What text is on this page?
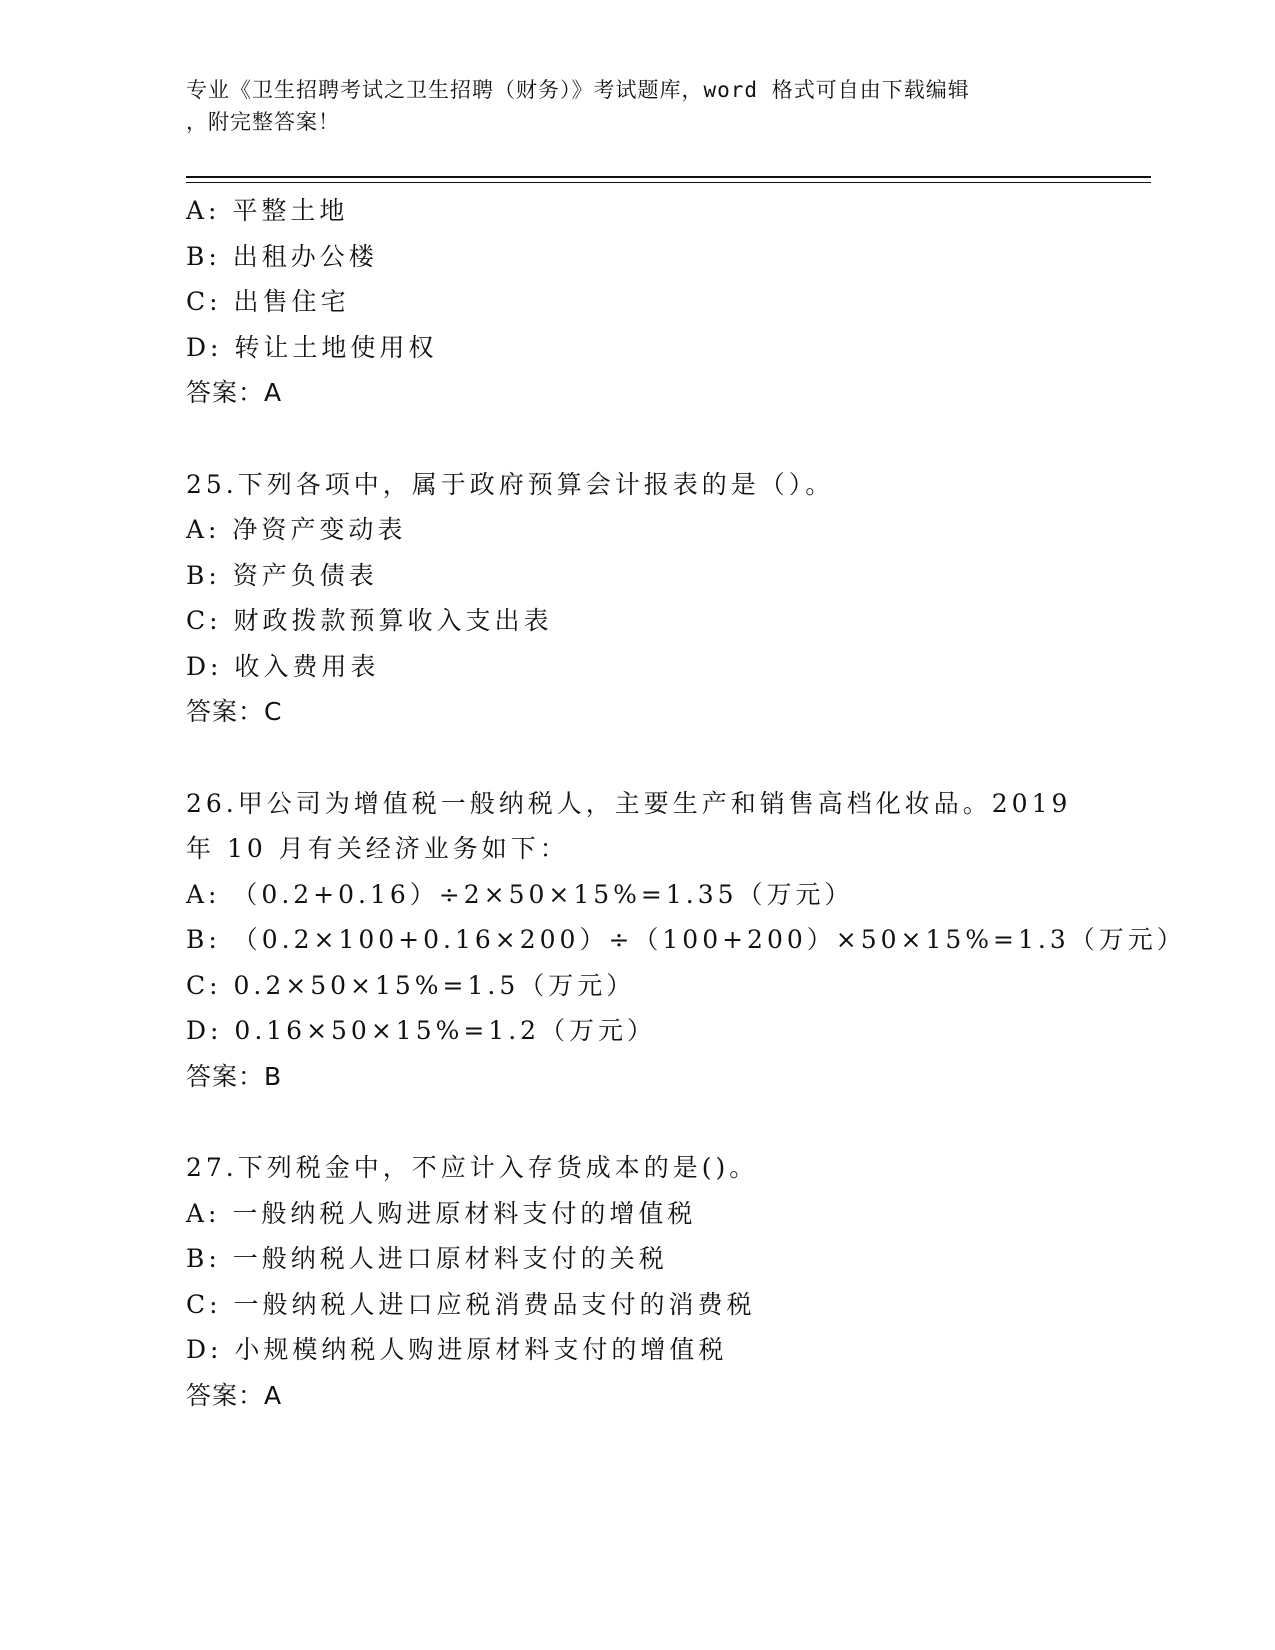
专业《卫生招聘考试之卫生招聘（财务）》考试题库，word 格式可自由下载编辑
，附完整答案！
A: 平整土地
B: 出租办公楼
C: 出售住宅
D: 转让土地使用权
答案：A
25.下列各项中，属于政府预算会计报表的是（）。
A: 净资产变动表
B: 资产负债表
C: 财政拨款预算收入支出表
D: 收入费用表
答案：C
26.甲公司为增值税一般纳税人，主要生产和销售高档化妆品。2019
年 10 月有关经济业务如下：
A: （0.2+0.16）÷2×50×15%=1.35（万元）
B: （0.2×100+0.16×200）÷（100+200）×50×15%=1.3（万元）
C: 0.2×50×15%=1.5（万元）
D: 0.16×50×15%=1.2（万元）
答案：B
27.下列税金中，不应计入存货成本的是()。
A: 一般纳税人购进原材料支付的增值税
B: 一般纳税人进口原材料支付的关税
C: 一般纳税人进口应税消费品支付的消费税
D: 小规模纳税人购进原材料支付的增值税
答案：A
